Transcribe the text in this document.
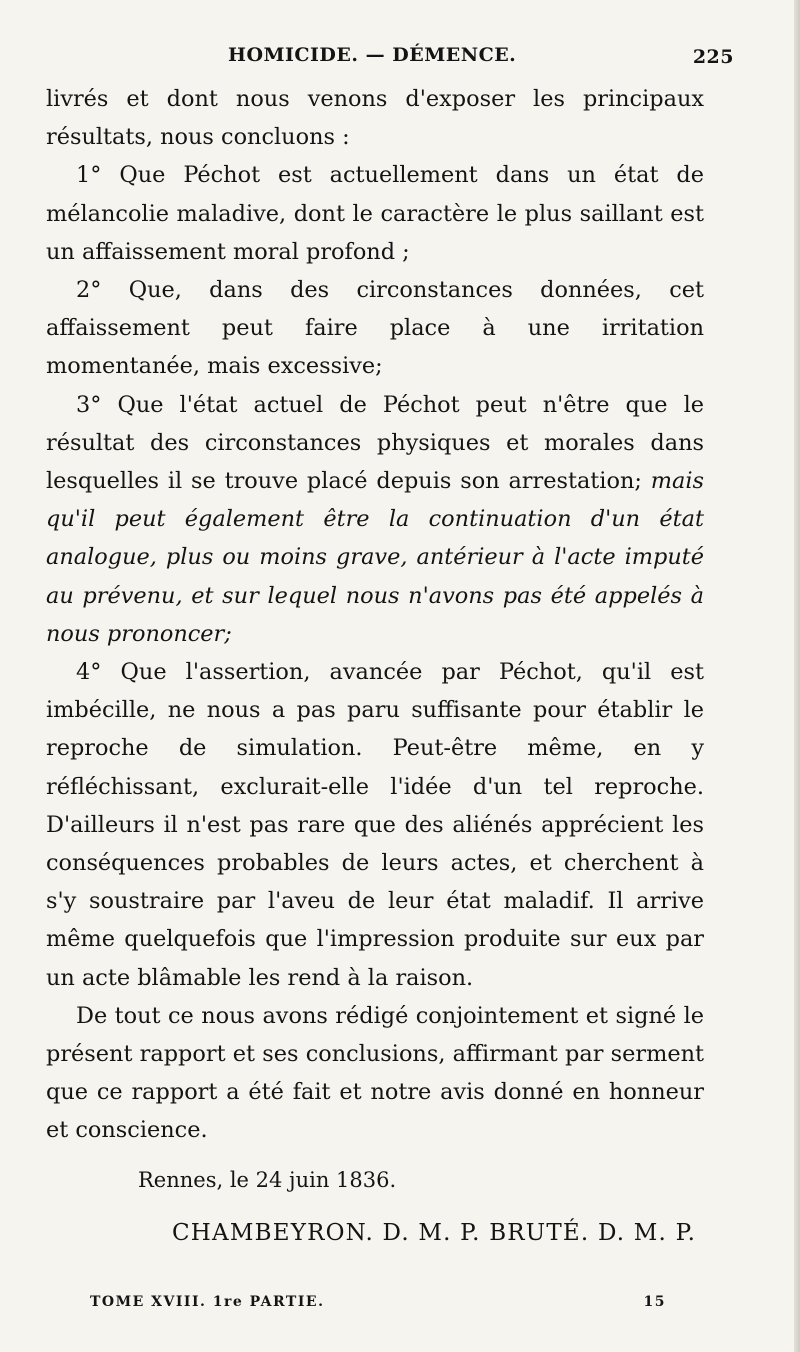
HOMICIDE. — DÉMENCE.	225

livrés et dont nous venons d'exposer les principaux résultats, nous concluons :

1° Que Péchot est actuellement dans un état de mélancolie maladive, dont le caractère le plus saillant est un affaissement moral profond ;

2° Que, dans des circonstances données, cet affaissement peut faire place à une irritation momentanée, mais excessive;

3° Que l'état actuel de Péchot peut n'être que le résultat des circonstances physiques et morales dans lesquelles il se trouve placé depuis son arrestation; mais qu'il peut également être la continuation d'un état analogue, plus ou moins grave, antérieur à l'acte imputé au prévenu, et sur lequel nous n'avons pas été appelés à nous prononcer;

4° Que l'assertion, avancée par Péchot, qu'il est imbécille, ne nous a pas paru suffisante pour établir le reproche de simulation. Peut-être même, en y réfléchissant, exclurait-elle l'idée d'un tel reproche. D'ailleurs il n'est pas rare que des aliénés apprécient les conséquences probables de leurs actes, et cherchent à s'y soustraire par l'aveu de leur état maladif. Il arrive même quelquefois que l'impression produite sur eux par un acte blâmable les rend à la raison.

De tout ce nous avons rédigé conjointement et signé le présent rapport et ses conclusions, affirmant par serment que ce rapport a été fait et notre avis donné en honneur et conscience.

Rennes, le 24 juin 1836.
CHAMBEYRON. D. M. P. BRUTÉ. D. M. P.
TOME XVIII. 1re PARTIE.	15
